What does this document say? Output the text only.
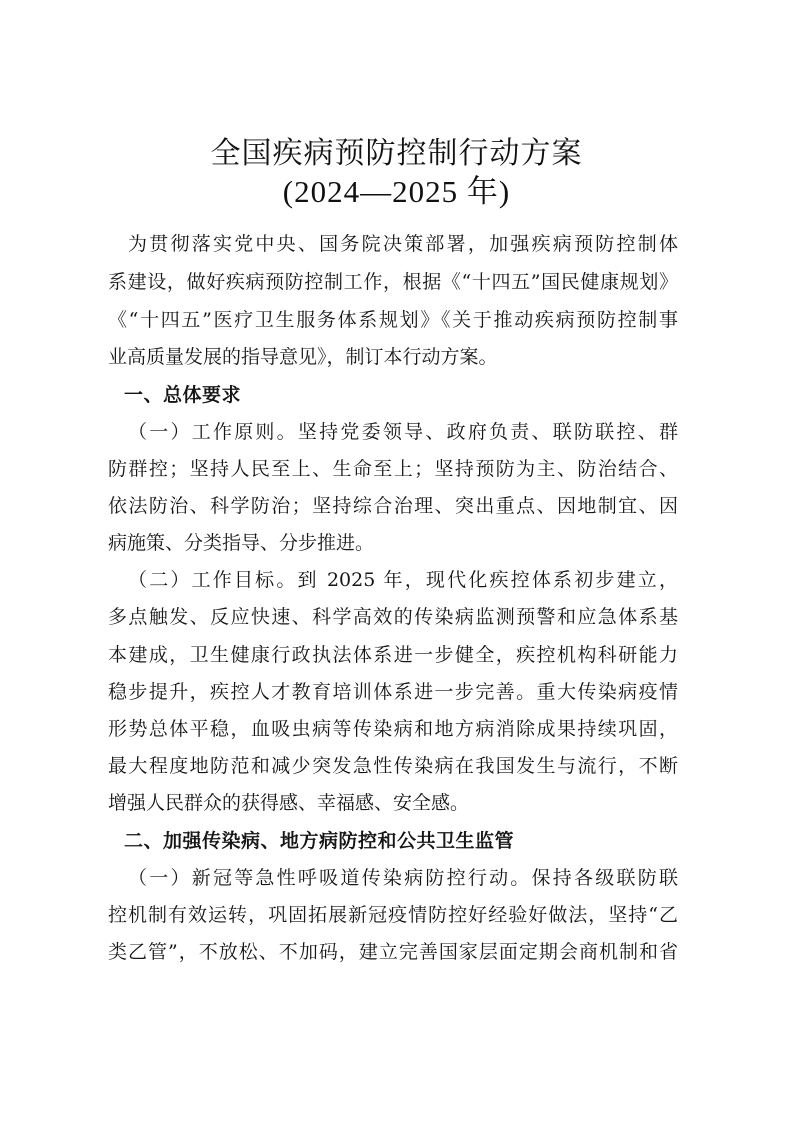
全国疾病预防控制行动方案
(2024—2025 年)
为贯彻落实党中央、国务院决策部署，加强疾病预防控制体
系建设，做好疾病预防控制工作，根据《“十四五”国民健康规划》
《“十四五”医疗卫生服务体系规划》《关于推动疾病预防控制事
业高质量发展的指导意见》，制订本行动方案。
一、总体要求
（一）工作原则。坚持党委领导、政府负责、联防联控、群
防群控；坚持人民至上、生命至上；坚持预防为主、防治结合、
依法防治、科学防治；坚持综合治理、突出重点、因地制宜、因
病施策、分类指导、分步推进。
（二）工作目标。到 2025 年，现代化疾控体系初步建立，
多点触发、反应快速、科学高效的传染病监测预警和应急体系基
本建成，卫生健康行政执法体系进一步健全，疾控机构科研能力
稳步提升，疾控人才教育培训体系进一步完善。重大传染病疫情
形势总体平稳，血吸虫病等传染病和地方病消除成果持续巩固，
最大程度地防范和减少突发急性传染病在我国发生与流行，不断
增强人民群众的获得感、幸福感、安全感。
二、加强传染病、地方病防控和公共卫生监管
（一）新冠等急性呼吸道传染病防控行动。保持各级联防联
控机制有效运转，巩固拓展新冠疫情防控好经验好做法，坚持“乙
类乙管”，不放松、不加码，建立完善国家层面定期会商机制和省
